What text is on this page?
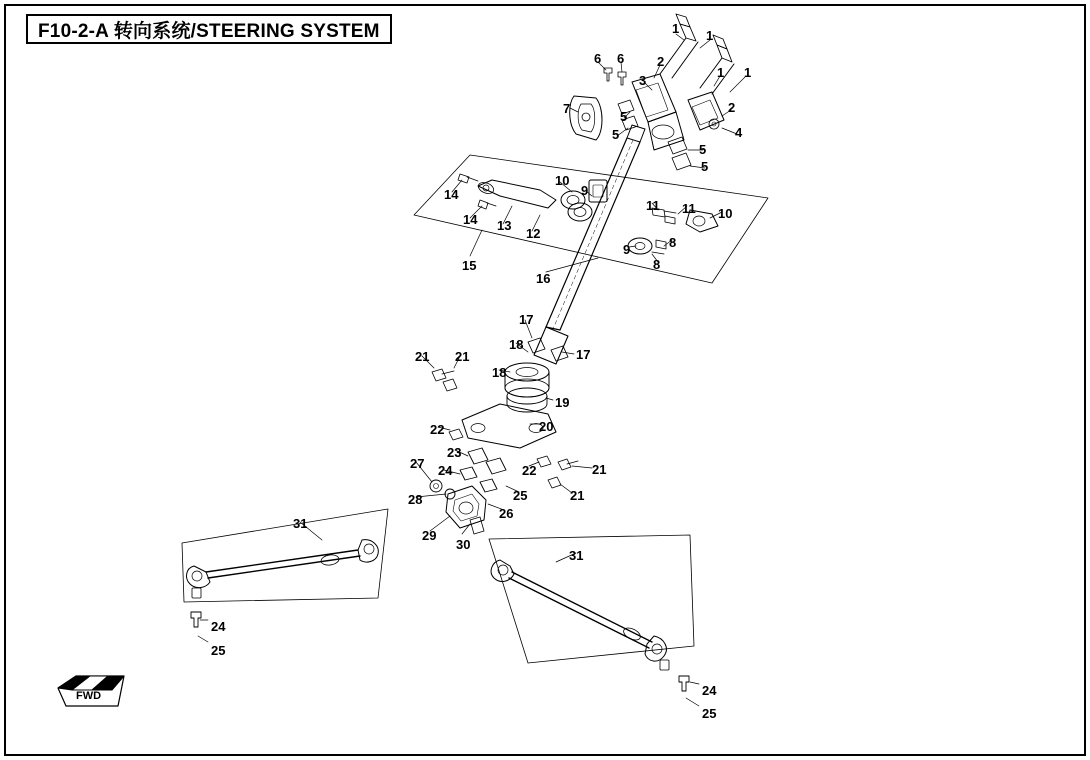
F10-2-A 转向系统/STEERING SYSTEM
FWD
1 1
1 1
6 6	2
3
2
4
7
5
5
5
5
10
9
14
14 13
12
11 11 10
8
9
8
15
16
17
18
17
21 21
18
19
20
22
23
22	21
27 24
25	21
28
26
29
30
31
31
24
25
24
25
